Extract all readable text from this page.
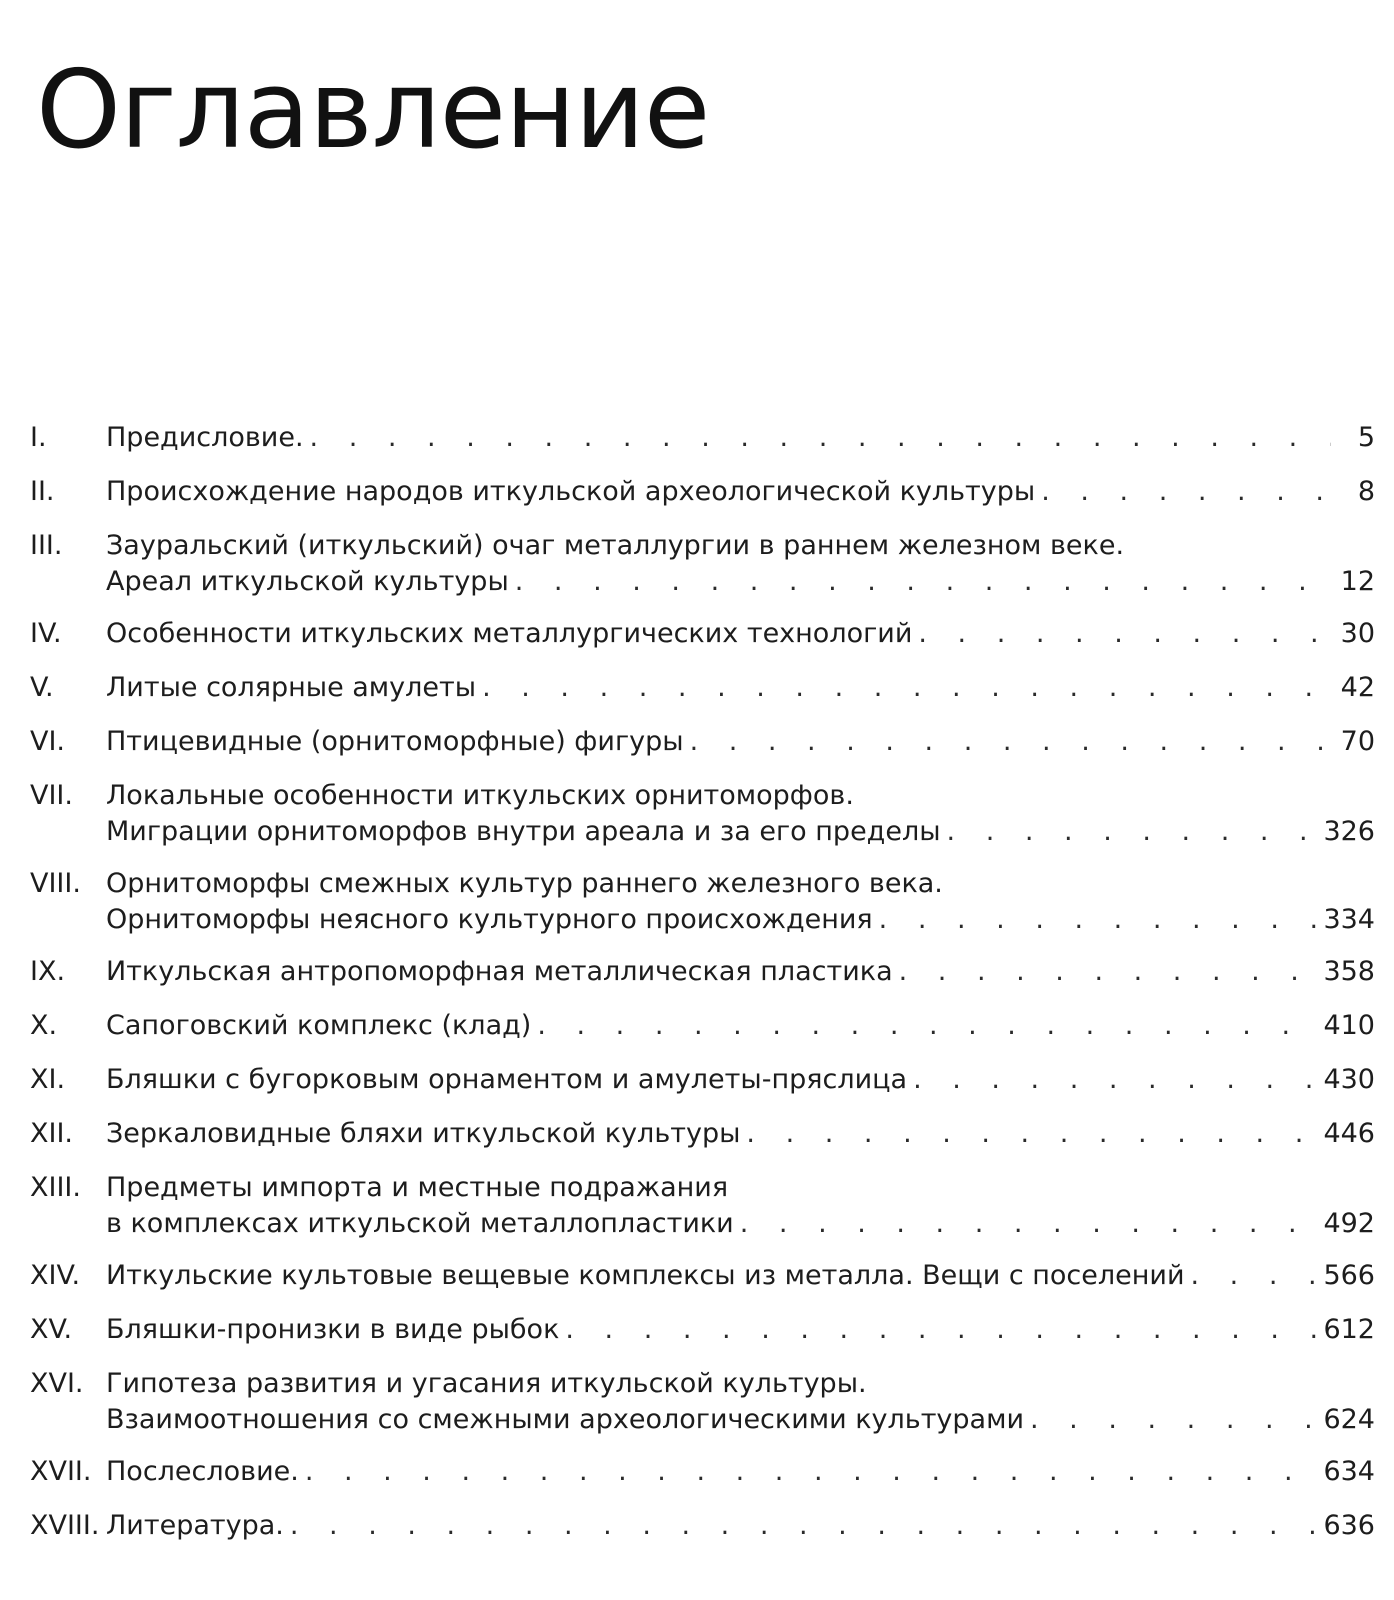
Оглавление
I.	Предисловие. . . .	5
II.	Происхождение народов иткульской археологической культуры . . .	8
III.	Зауральский (иткульский) очаг металлургии в раннем железном веке.
Ареал иткульской культуры . . .	12
IV.	Особенности иткульских металлургических технологий . . .	30
V.	Литые солярные амулеты . . .	42
VI.	Птицевидные (орнитоморфные) фигуры . . .	70
VII.	Локальные особенности иткульских орнитоморфов.
Миграции орнитоморфов внутри ареала и за его пределы . . .	326
VIII. Орнитоморфы смежных культур раннего железного века.
Орнитоморфы неясного культурного происхождения . . .	334
IX.	Иткульская антропоморфная металлическая пластика . . .	358
X.	Сапоговский комплекс (клад) . . .	410
XI.	Бляшки с бугорковым орнаментом и амулеты-пряслица . . .	430
XII.	Зеркаловидные бляхи иткульской культуры . . .	446
XIII. Предметы импорта и местные подражания
в комплексах иткульской металлопластики . . .	492
XIV. Иткульские культовые вещевые комплексы из металла. Вещи с поселений . . .	566
XV.	Бляшки-пронизки в виде рыбок . . .	612
XVI. Гипотеза развития и угасания иткульской культуры.
Взаимоотношения со смежными археологическими культурами . . .	624
XVII. Послесловие. . . .	634
XVIII. Литература. . . .	636
